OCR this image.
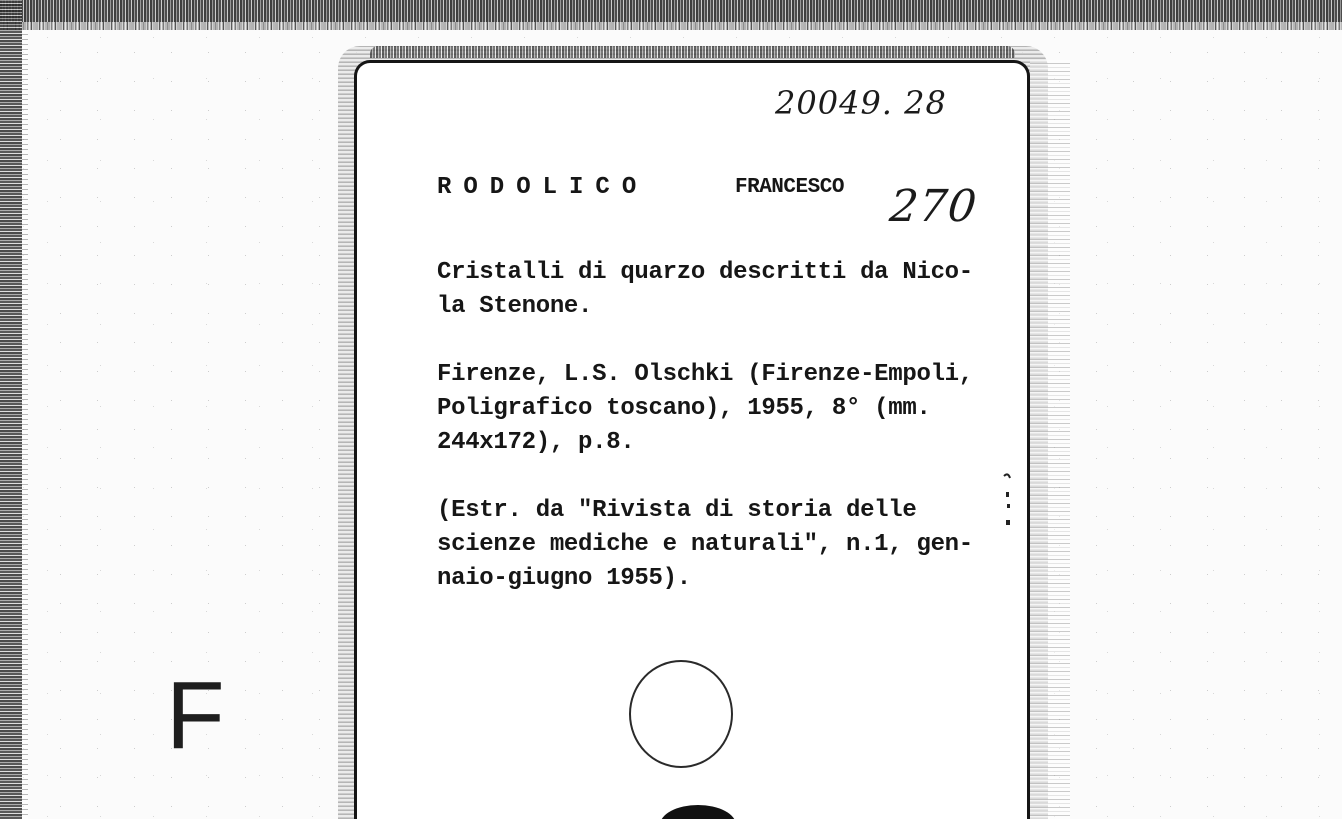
20049. 28
RODOLICO	FRANCESCO 270
Cristalli di quarzo descritti da Nico-
la Stenone.
Firenze, L.S. Olschki (Firenze-Empoli,
Poligrafico toscano), 1955, 8° (mm.
244x172), p.8.
(Estr. da "Rivista di storia delle
scienze mediche e naturali", n.1, gen-
naio-giugno 1955).
F
